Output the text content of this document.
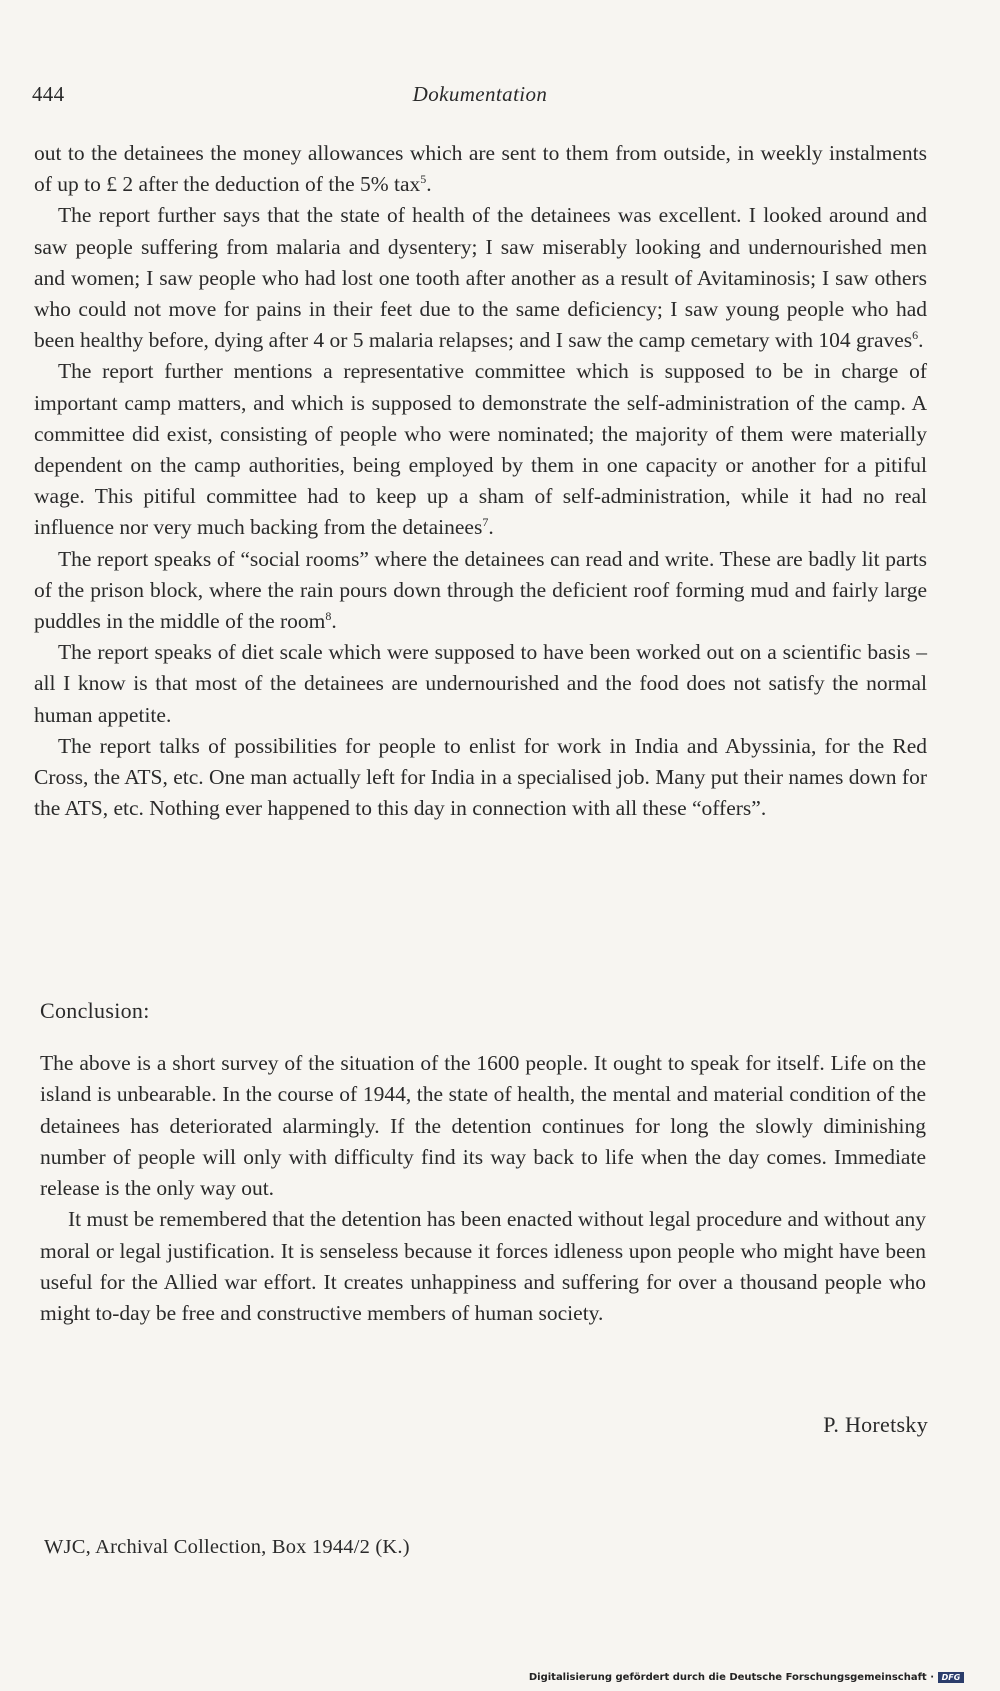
444	Dokumentation

out to the detainees the money allowances which are sent to them from outside, in weekly instalments of up to £ 2 after the deduction of the 5% tax$^5$.

The report further says that the state of health of the detainees was excellent. I looked around and saw people suffering from malaria and dysentery; I saw miserably looking and undernourished men and women; I saw people who had lost one tooth after another as a result of Avitaminosis; I saw others who could not move for pains in their feet due to the same deficiency; I saw young people who had been healthy before, dying after 4 or 5 malaria relapses; and I saw the camp cemetary with 104 graves$^6$.

The report further mentions a representative committee which is supposed to be in charge of important camp matters, and which is supposed to demonstrate the self-administration of the camp. A committee did exist, consisting of people who were nominated; the majority of them were materially dependent on the camp authorities, being employed by them in one capacity or another for a pitiful wage. This pitiful committee had to keep up a sham of self-administration, while it had no real influence nor very much backing from the detainees$^7$.

The report speaks of “social rooms” where the detainees can read and write. These are badly lit parts of the prison block, where the rain pours down through the deficient roof forming mud and fairly large puddles in the middle of the room$^8$.

The report speaks of diet scale which were supposed to have been worked out on a scientific basis – all I know is that most of the detainees are undernourished and the food does not satisfy the normal human appetite.

The report talks of possibilities for people to enlist for work in India and Abyssinia, for the Red Cross, the ATS, etc. One man actually left for India in a specialised job. Many put their names down for the ATS, etc. Nothing ever happened to this day in connection with all these “offers”.

Conclusion:

The above is a short survey of the situation of the 1600 people. It ought to speak for itself. Life on the island is unbearable. In the course of 1944, the state of health, the mental and material condition of the detainees has deteriorated alarmingly. If the detention continues for long the slowly diminishing number of people will only with difficulty find its way back to life when the day comes. Immediate release is the only way out.

It must be remembered that the detention has been enacted without legal procedure and without any moral or legal justification. It is senseless because it forces idleness upon people who might have been useful for the Allied war effort. It creates unhappiness and suffering for over a thousand people who might to-day be free and constructive members of human society.

P. Horetsky
WJC, Archival Collection, Box 1944/2 (K.)
Digitalisierung gefördert durch die Deutsche Forschungsgemeinschaft · DFG
